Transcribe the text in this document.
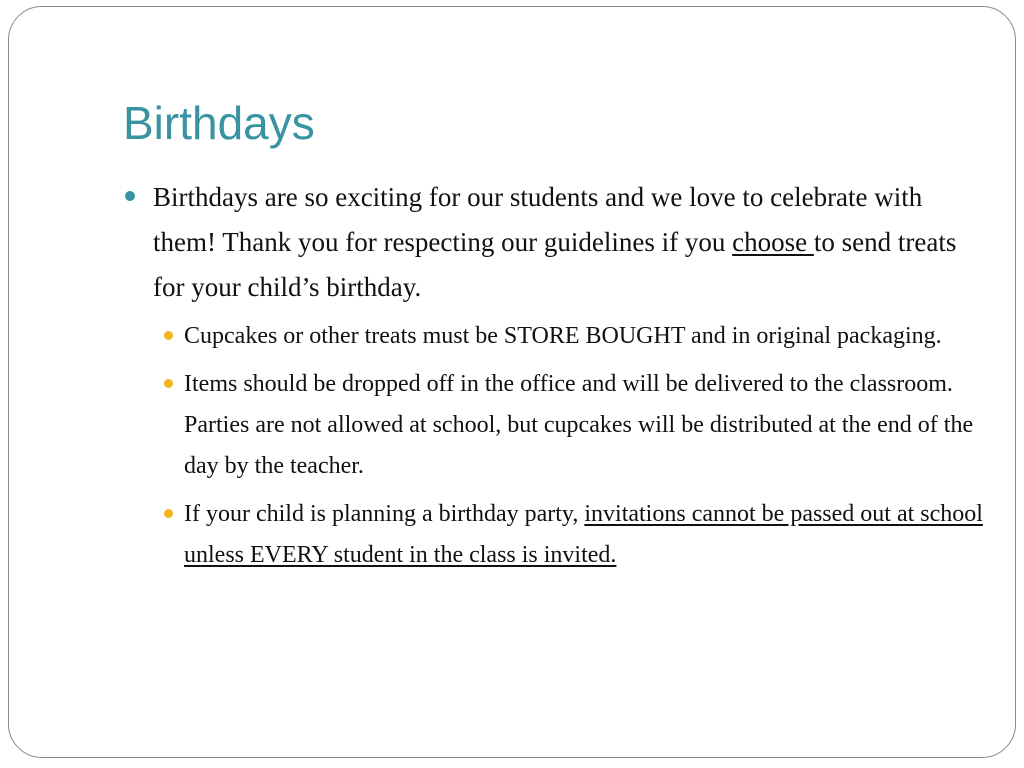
Birthdays
Birthdays are so exciting for our students and we love to celebrate with them! Thank you for respecting our guidelines if you choose to send treats for your child’s birthday.
Cupcakes or other treats must be STORE BOUGHT and in original packaging.
Items should be dropped off in the office and will be delivered to the classroom. Parties are not allowed at school, but cupcakes will be distributed at the end of the day by the teacher.
If your child is planning a birthday party, invitations cannot be passed out at school unless EVERY student in the class is invited.
